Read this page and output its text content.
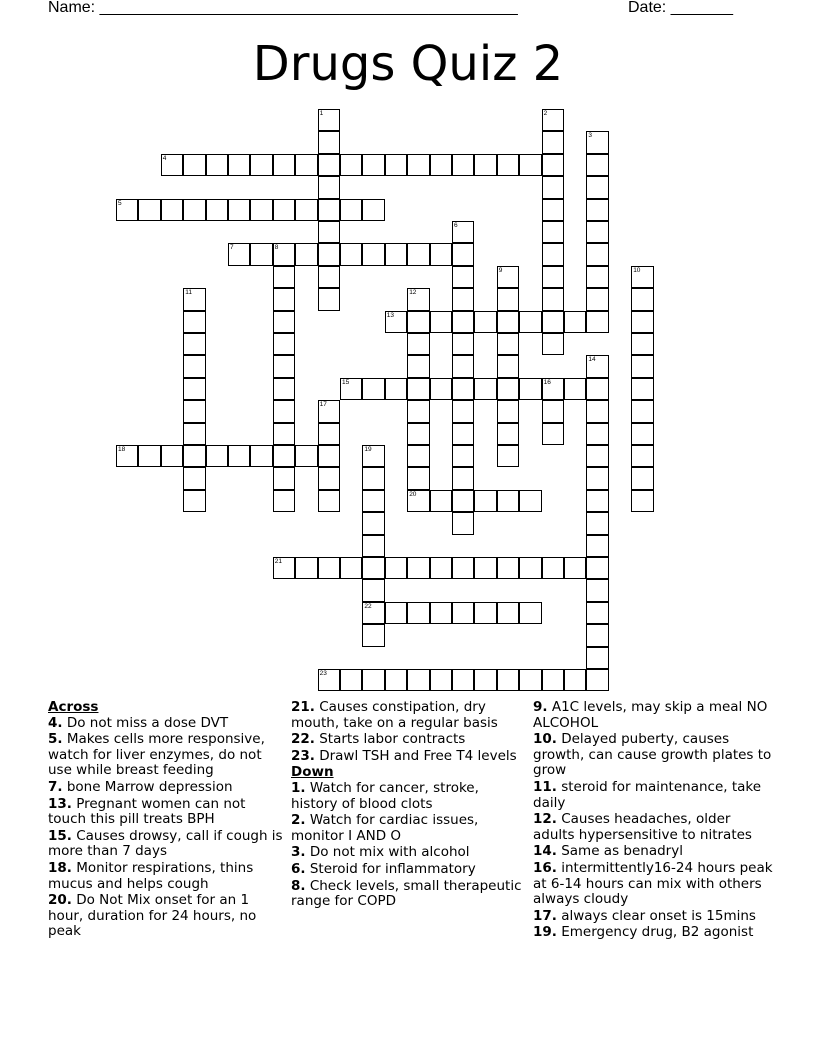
Name: _______________________________________________	Date: _______
Drugs Quiz 2
1	2
3
4
5
6
7	8
9	10
11	12
20
13
14
15	16
17
18	19
22
21
23
Across
4. Do not miss a dose DVT
5. Makes cells more responsive, watch for liver enzymes, do not use while breast feeding
7. bone Marrow depression
13. Pregnant women can not touch this pill treats BPH
15. Causes drowsy, call if cough is more than 7 days
18. Monitor respirations, thins mucus and helps cough
20. Do Not Mix onset for an 1 hour, duration for 24 hours, no peak
21. Causes constipation, dry mouth, take on a regular basis
22. Starts labor contracts
23. Drawl TSH and Free T4 levels
Down
1. Watch for cancer, stroke, history of blood clots
2. Watch for cardiac issues, monitor I AND O
3. Do not mix with alcohol
6. Steroid for inflammatory
8. Check levels, small therapeutic range for COPD
9. A1C levels, may skip a meal NO ALCOHOL
10. Delayed puberty, causes growth, can cause growth plates to grow
11. steroid for maintenance, take daily
12. Causes headaches, older adults hypersensitive to nitrates
14. Same as benadryl
16. intermittently16-24 hours peak at 6-14 hours can mix with others always cloudy
17. always clear onset is 15mins
19. Emergency drug, B2 agonist
